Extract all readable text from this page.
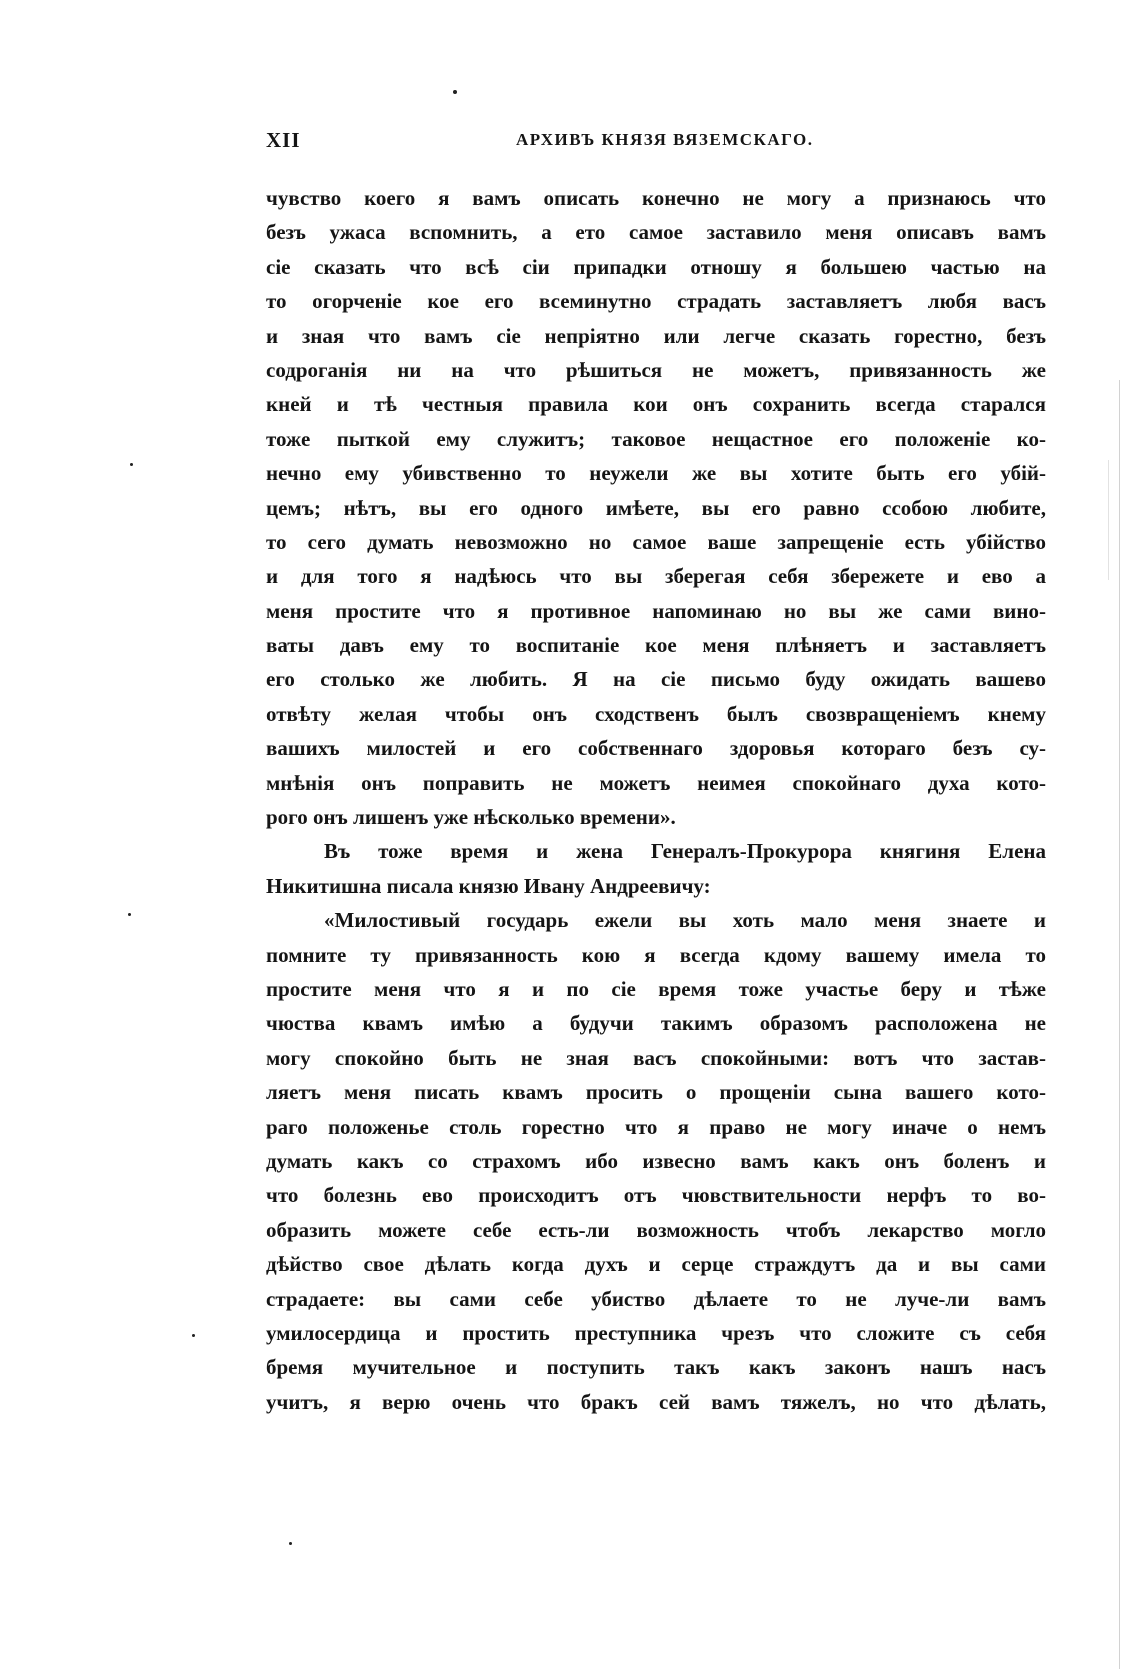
XII	АРХИВЪ КНЯЗЯ ВЯЗЕМСКАГО.
чувство коего я вамъ описать конечно не могу а признаюсь что
безъ ужаса вспомнить, а ето самое заставило меня описавъ вамъ
сіе сказать что всѣ сіи припадки отношу я большею частью на
то огорченіе кое его всеминутно страдать заставляетъ любя васъ
и зная что вамъ сіе непріятно или легче сказать горестно, безъ
содроганія ни на что рѣшиться не можетъ, привязанность же
кней и тѣ честныя правила кои онъ сохранить всегда старался
тоже пыткой ему служитъ; таковое нещастное его положеніе ко-
нечно ему убивственно то неужели же вы хотите быть его убій-
цемъ; нѣтъ, вы его одного имѣете, вы его равно ссобою любите,
то сего думать невозможно но самое ваше запрещеніе есть убійство
и для того я надѣюсь что вы зберегая себя збережете и ево а
меня простите что я противное напоминаю но вы же сами вино-
ваты давъ ему то воспитаніе кое меня плѣняетъ и заставляетъ
его столько же любить. Я на сіе письмо буду ожидать вашево
отвѣту желая чтобы онъ сходственъ былъ свозвращеніемъ кнему
вашихъ милостей и его собственнаго здоровья котораго безъ су-
мнѣнія онъ поправить не можетъ неимея спокойнаго духа кото-
рого онъ лишенъ уже нѣсколько времени».
Въ тоже время и жена Генералъ-Прокурора княгиня Елена
Никитишна писала князю Ивану Андреевичу:
«Милостивый государь ежели вы хоть мало меня знаете и
помните ту привязанность кою я всегда кдому вашему имела то
простите меня что я и по сіе время тоже участье беру и тѣже
чюства квамъ имѣю а будучи такимъ образомъ расположена не
могу спокойно быть не зная васъ спокойными: вотъ что застав-
ляетъ меня писать квамъ просить о прощеніи сына вашего кото-
раго положенье столь горестно что я право не могу иначе о немъ
думать какъ со страхомъ ибо извесно вамъ какъ онъ боленъ и
что болезнь ево происходитъ отъ чювствительности нерфъ то во-
образить можете себе есть-ли возможность чтобъ лекарство могло
дѣйство свое дѣлать когда духъ и серце страждутъ да и вы сами
страдаете: вы сами себе убиство дѣлаете то не луче-ли вамъ
умилосердица и простить преступника чрезъ что сложите съ себя
бремя мучительное и поступить такъ какъ законъ нашъ насъ
учитъ, я верю очень что бракъ сей вамъ тяжелъ, но что дѣлать,
